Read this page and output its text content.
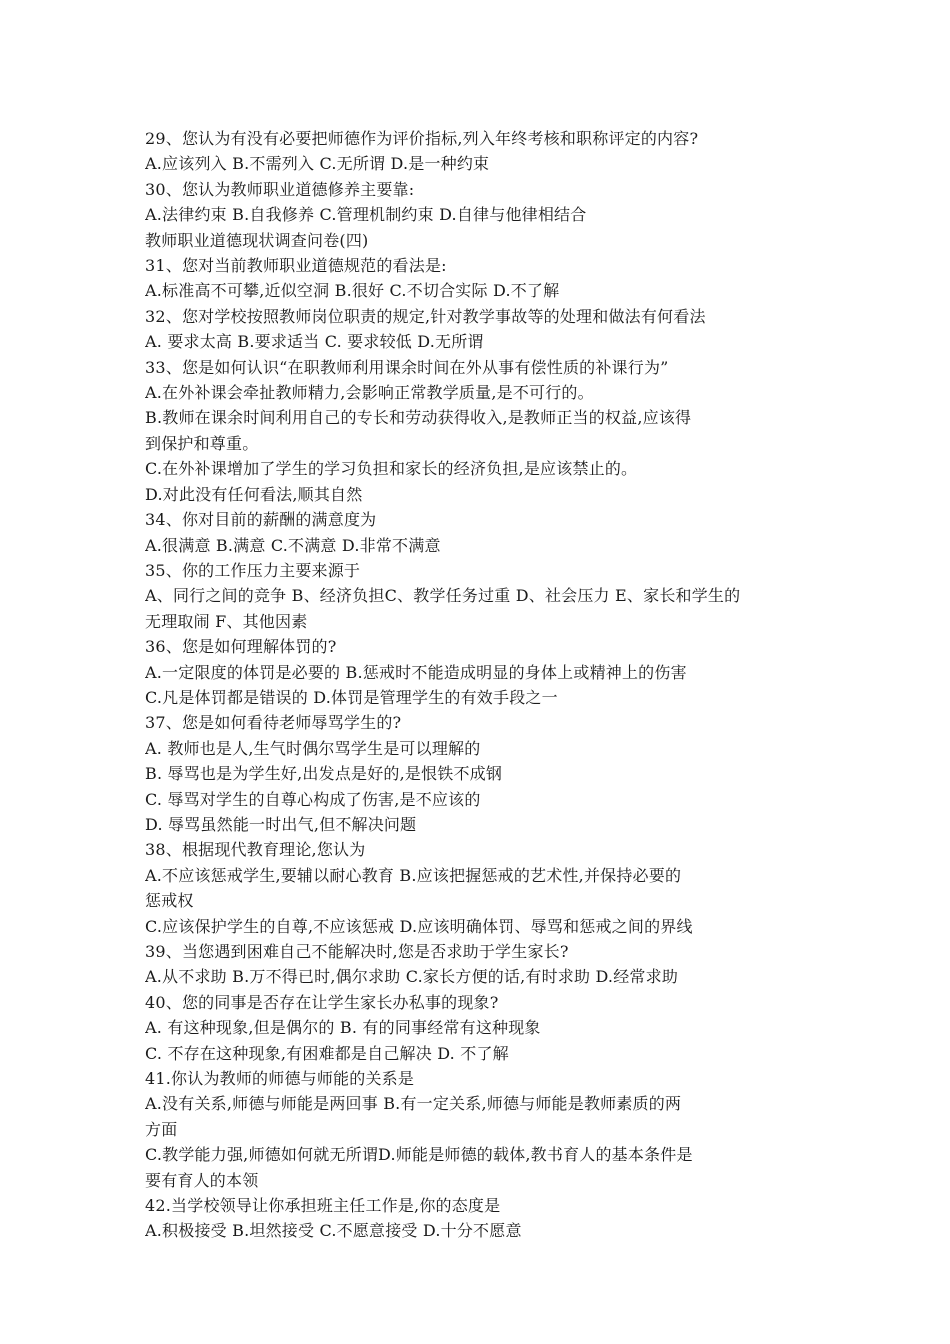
29、您认为有没有必要把师德作为评价指标,列入年终考核和职称评定的内容?
A.应该列入 B.不需列入 C.无所谓 D.是一种约束
30、您认为教师职业道德修养主要靠:
A.法律约束 B.自我修养 C.管理机制约束 D.自律与他律相结合
教师职业道德现状调查问卷(四)
31、您对当前教师职业道德规范的看法是:
A.标准高不可攀,近似空洞 B.很好 C.不切合实际 D.不了解
32、您对学校按照教师岗位职责的规定,针对教学事故等的处理和做法有何看法
A. 要求太高 B.要求适当 C. 要求较低 D.无所谓
33、您是如何认识“在职教师利用课余时间在外从事有偿性质的补课行为”
A.在外补课会牵扯教师精力,会影响正常教学质量,是不可行的。
B.教师在课余时间利用自己的专长和劳动获得收入,是教师正当的权益,应该得
到保护和尊重。
C.在外补课增加了学生的学习负担和家长的经济负担,是应该禁止的。
D.对此没有任何看法,顺其自然
34、你对目前的薪酬的满意度为
A.很满意 B.满意 C.不满意 D.非常不满意
35、你的工作压力主要来源于
A、同行之间的竞争 B、经济负担C、教学任务过重 D、社会压力 E、家长和学生的
无理取闹 F、其他因素
36、您是如何理解体罚的?
A.一定限度的体罚是必要的 B.惩戒时不能造成明显的身体上或精神上的伤害
C.凡是体罚都是错误的 D.体罚是管理学生的有效手段之一
37、您是如何看待老师辱骂学生的?
A. 教师也是人,生气时偶尔骂学生是可以理解的
B. 辱骂也是为学生好,出发点是好的,是恨铁不成钢
C. 辱骂对学生的自尊心构成了伤害,是不应该的
D. 辱骂虽然能一时出气,但不解决问题
38、根据现代教育理论,您认为
A.不应该惩戒学生,要辅以耐心教育 B.应该把握惩戒的艺术性,并保持必要的
惩戒权
C.应该保护学生的自尊,不应该惩戒 D.应该明确体罚、辱骂和惩戒之间的界线
39、当您遇到困难自己不能解决时,您是否求助于学生家长?
A.从不求助 B.万不得已时,偶尔求助 C.家长方便的话,有时求助 D.经常求助
40、您的同事是否存在让学生家长办私事的现象?
A. 有这种现象,但是偶尔的 B. 有的同事经常有这种现象
C. 不存在这种现象,有困难都是自己解决 D. 不了解
41.你认为教师的师德与师能的关系是
A.没有关系,师德与师能是两回事 B.有一定关系,师德与师能是教师素质的两
方面
C.教学能力强,师德如何就无所谓D.师能是师德的载体,教书育人的基本条件是
要有育人的本领
42.当学校领导让你承担班主任工作是,你的态度是
A.积极接受 B.坦然接受 C.不愿意接受 D.十分不愿意
